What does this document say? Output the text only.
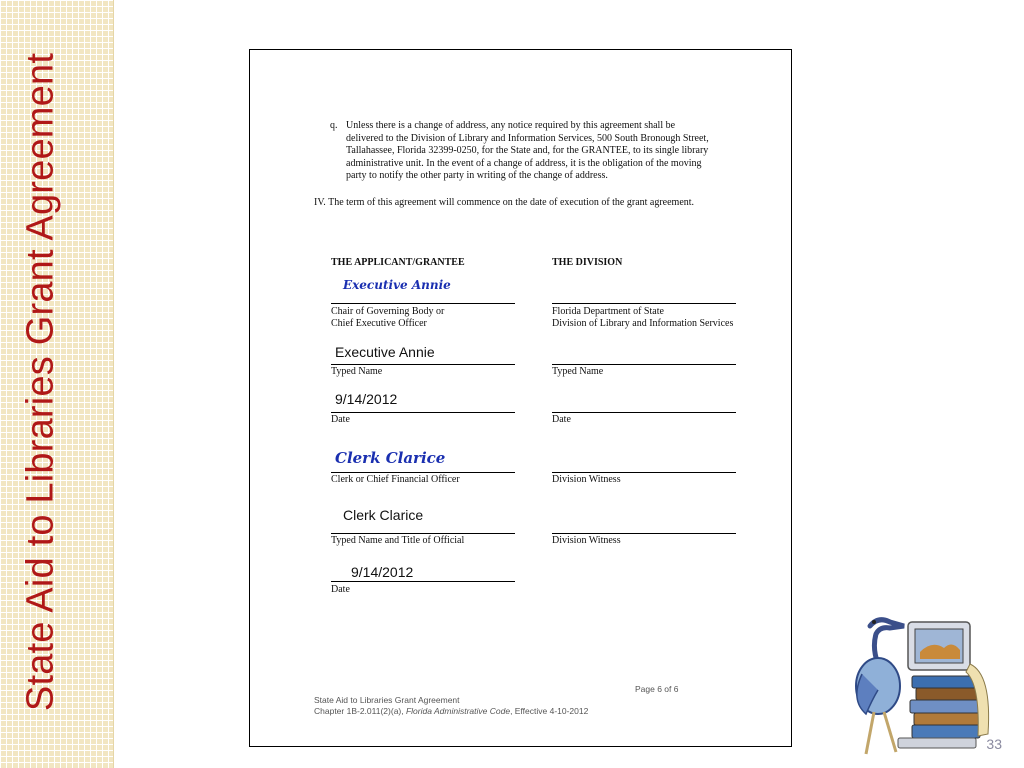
State Aid to Libraries Grant Agreement	q. Unless there is a change of address, any notice required by this agreement shall be
delivered to the Division of Library and Information Services, 500 South Bronough Street,
Tallahassee, Florida 32399-0250, for the State and, for the GRANTEE, to its single library
administrative unit. In the event of a change of address, it is the obligation of the moving
party to notify the other party in writing of the change of address.
IV. The term of this agreement will commence on the date of execution of the grant agreement.
THE APPLICANT/GRANTEE
Executive Annie
Chair of Governing Body or
Chief Executive Officer
Executive Annie
Typed Name
9/14/2012
Date
Clerk Clarice
Clerk or Chief Financial Officer
Clerk Clarice
Typed Name and Title of Official
9/14/2012
Date
THE DIVISION
Florida Department of State
Division of Library and Information Services
Typed Name
Date
Division Witness
Division Witness
State Aid to Libraries Grant Agreement
Chapter 1B-2.011(2)(a), Florida Administrative Code, Effective 4-10-2012
Page 6 of 6
33
